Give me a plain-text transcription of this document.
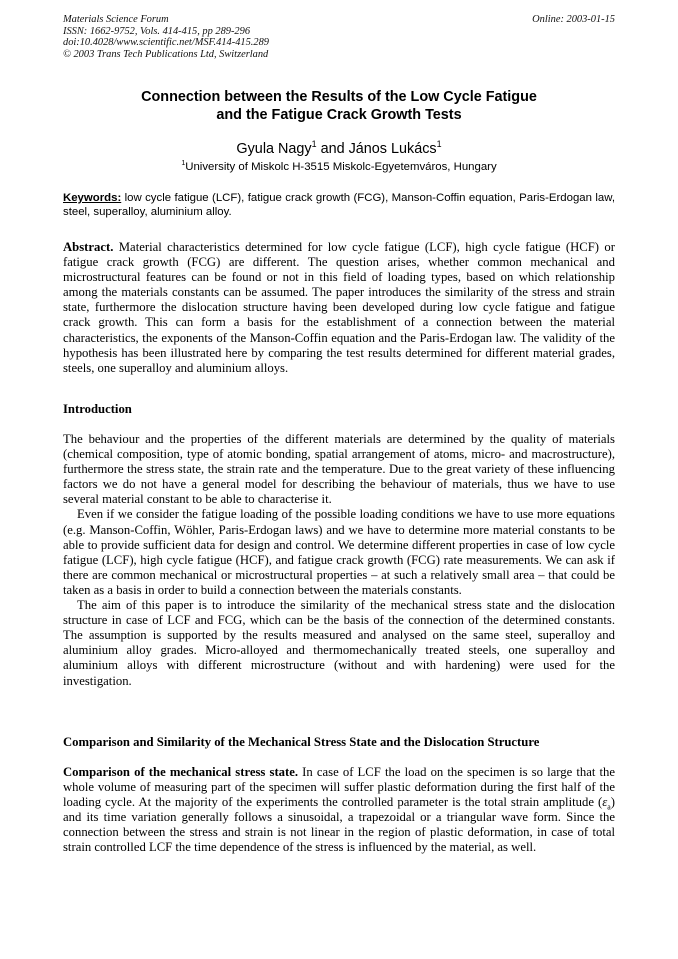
Materials Science Forum
ISSN: 1662-9752, Vols. 414-415, pp 289-296
doi:10.4028/www.scientific.net/MSF.414-415.289
© 2003 Trans Tech Publications Ltd, Switzerland
Online: 2003-01-15
Connection between the Results of the Low Cycle Fatigue
and the Fatigue Crack Growth Tests
Gyula Nagy$^1$ and János Lukács$^1$
$^1$University of Miskolc H-3515 Miskolc-Egyetemváros, Hungary
Keywords: low cycle fatigue (LCF), fatigue crack growth (FCG), Manson-Coffin equation, Paris-Erdogan law, steel, superalloy, aluminium alloy.

Abstract. Material characteristics determined for low cycle fatigue (LCF), high cycle fatigue (HCF) or fatigue crack growth (FCG) are different. The question arises, whether common mechanical and microstructural features can be found or not in this field of loading types, based on which relationship among the materials constants can be assumed. The paper introduces the similarity of the stress and strain state, furthermore the dislocation structure having been developed during low cycle fatigue and fatigue crack growth. This can form a basis for the establishment of a connection between the material characteristics, the exponents of the Manson-Coffin equation and the Paris-Erdogan law. The validity of the hypothesis has been illustrated here by comparing the test results determined for different material grades, steels, one superalloy and aluminium alloys.

Introduction

The behaviour and the properties of the different materials are determined by the quality of materials (chemical composition, type of atomic bonding, spatial arrangement of atoms, micro- and macrostructure), furthermore the stress state, the strain rate and the temperature. Due to the great variety of these influencing factors we do not have a general model for describing the behaviour of materials, thus we have to use several material constant to be able to characterise it.

Even if we consider the fatigue loading of the possible loading conditions we have to use more equations (e.g. Manson-Coffin, Wöhler, Paris-Erdogan laws) and we have to determine more material constants to be able to provide sufficient data for design and control. We determine different properties in case of low cycle fatigue (LCF), high cycle fatigue (HCF), and fatigue crack growth (FCG) rate measurements. We can ask if there are common mechanical or microstructural properties – at such a relatively small area – that could be taken as a basis in order to build a connection between the materials constants.

The aim of this paper is to introduce the similarity of the mechanical stress state and the dislocation structure in case of LCF and FCG, which can be the basis of the connection of the determined constants. The assumption is supported by the results measured and analysed on the same steel, superalloy and aluminium alloy grades. Micro-alloyed and thermomechanically treated steels, one superalloy and aluminium alloys with different microstructure (without and with hardening) were used for the investigation.

Comparison and Similarity of the Mechanical Stress State and the Dislocation Structure

Comparison of the mechanical stress state. In case of LCF the load on the specimen is so large that the whole volume of measuring part of the specimen will suffer plastic deformation during the first half of the loading cycle. At the majority of the experiments the controlled parameter is the total strain amplitude $(\varepsilon_a)$ and its time variation generally follows a sinusoidal, a trapezoidal or a triangular wave form. Since the connection between the stress and strain is not linear in the region of plastic deformation, in case of total strain controlled LCF the time dependence of the stress is influenced by the material, as well.
